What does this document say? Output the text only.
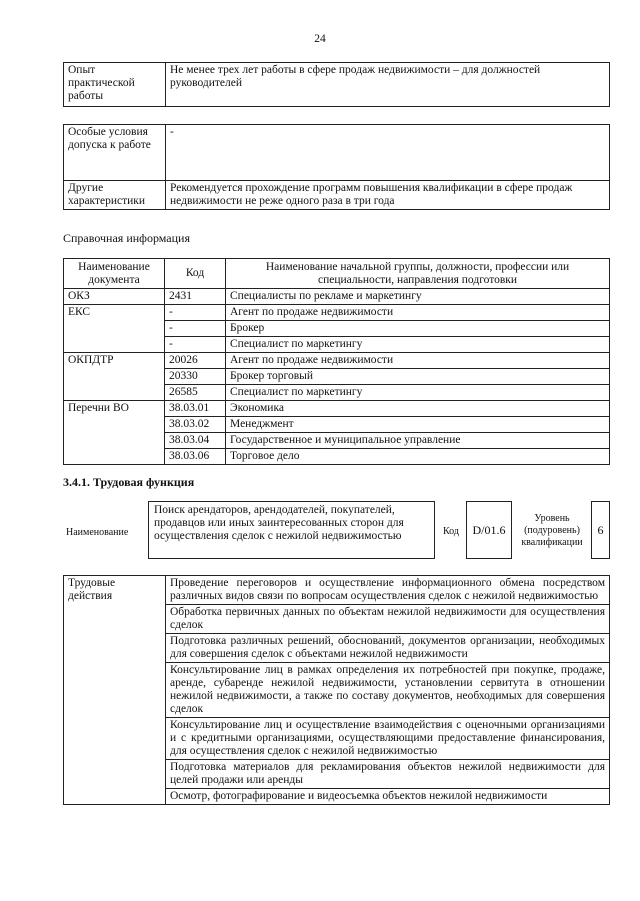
24
Опыт практической работы	Не менее трех лет работы в сфере продаж недвижимости – для должностей руководителей
Особые условия допуска к работе	-
Другие характеристики	Рекомендуется прохождение программ повышения квалификации в сфере продаж недвижимости не реже одного раза в три года
Справочная информация
Наименование документа	Код	Наименование начальной группы, должности, профессии или специальности, направления подготовки
ОКЗ	2431	Специалисты по рекламе и маркетингу
ЕКС	-	Агент по продаже недвижимости
	-	Брокер
	-	Специалист по маркетингу
ОКПДТР	20026	Агент по продаже недвижимости
	20330	Брокер торговый
	26585	Специалист по маркетингу
Перечни ВО	38.03.01	Экономика
	38.03.02	Менеджмент
	38.03.04	Государственное и муниципальное управление
	38.03.06	Торговое дело
3.4.1. Трудовая функция
Наименование
Поиск арендаторов, арендодателей, покупателей, продавцов или иных заинтересованных сторон для осуществления сделок с нежилой недвижимостью	Код D/01.6
Уровень (подуровень) квалификации
6
Трудовые действия	Проведение переговоров и осуществление информационного обмена посредством различных видов связи по вопросам осуществления сделок с нежилой недвижимостью
Обработка первичных данных по объектам нежилой недвижимости для осуществления сделок
Подготовка различных решений, обоснований, документов организации, необходимых для совершения сделок с объектами нежилой недвижимости
Консультирование лиц в рамках определения их потребностей при покупке, продаже, аренде, субаренде нежилой недвижимости, установлении сервитута в отношении нежилой недвижимости, а также по составу документов, необходимых для совершения сделок
Консультирование лиц и осуществление взаимодействия с оценочными организациями и с кредитными организациями, осуществляющими предоставление финансирования, для осуществления сделок с нежилой недвижимостью
Подготовка материалов для рекламирования объектов нежилой недвижимости для целей продажи или аренды
Осмотр, фотографирование и видеосъемка объектов нежилой недвижимости
